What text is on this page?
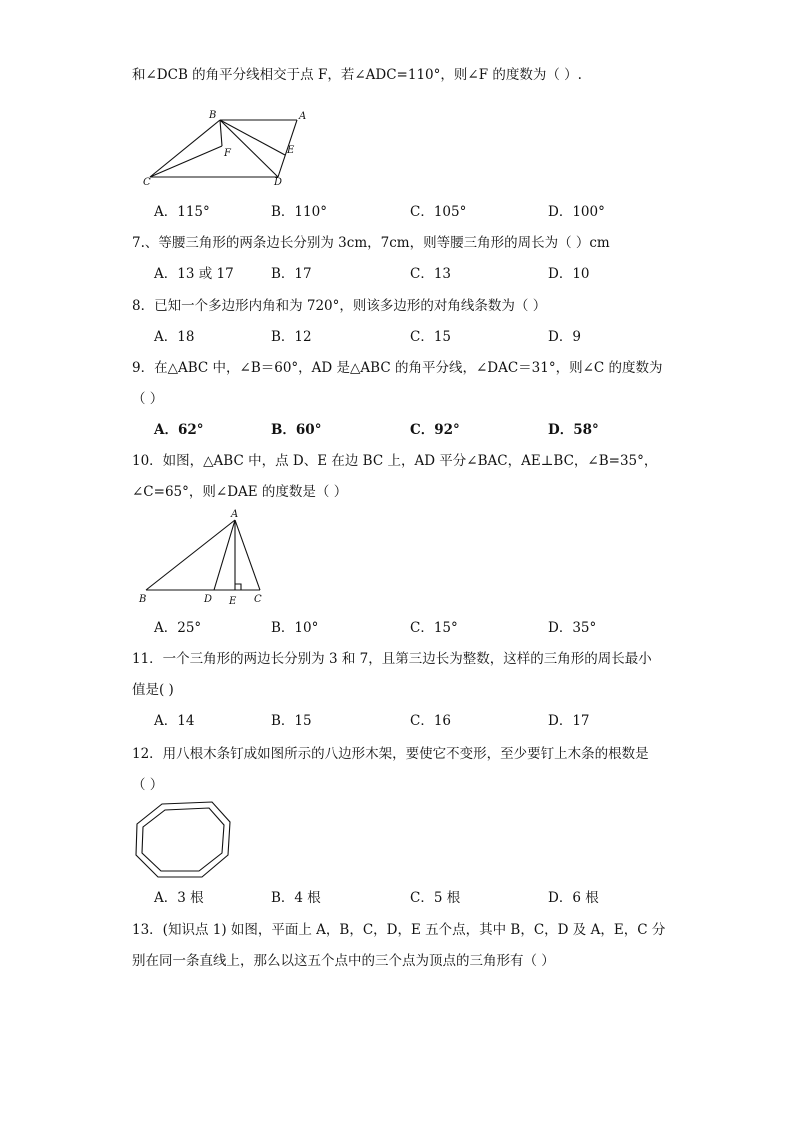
和∠DCB 的角平分线相交于点 F，若∠ADC=110°，则∠F 的度数为（ ）.
B	A
F	E
C	D
A．115°	B．110°	C．105°	D．100°
7.、等腰三角形的两条边长分别为 3cm，7cm，则等腰三角形的周长为（ ）cm
A．13 或 17	B．17	C．13	D．10
8．已知一个多边形内角和为 720°，则该多边形的对角线条数为（ ）
A．18	B．12	C．15	D．9
9．在△ABC 中，∠B＝60°，AD 是△ABC 的角平分线，∠DAC＝31°，则∠C 的度数为
（ ）
A．62°	B．60°	C．92°	D．58°
10．如图，△ABC 中，点 D、E 在边 BC 上，AD 平分∠BAC，AE⊥BC，∠B=35°，
∠C=65°，则∠DAE 的度数是（ ）
A
B	D E C
A．25°	B．10°	C．15°	D．35°
11．一个三角形的两边长分别为 3 和 7，且第三边长为整数，这样的三角形的周长最小
值是( )
A．14	B．15	C．16	D．17
12．用八根木条钉成如图所示的八边形木架，要使它不变形，至少要钉上木条的根数是
（ ）
A．3 根	B．4 根	C．5 根	D．6 根
13．(知识点 1) 如图，平面上 A，B，C，D，E 五个点，其中 B，C，D 及 A，E，C 分
别在同一条直线上，那么以这五个点中的三个点为顶点的三角形有（ ）
